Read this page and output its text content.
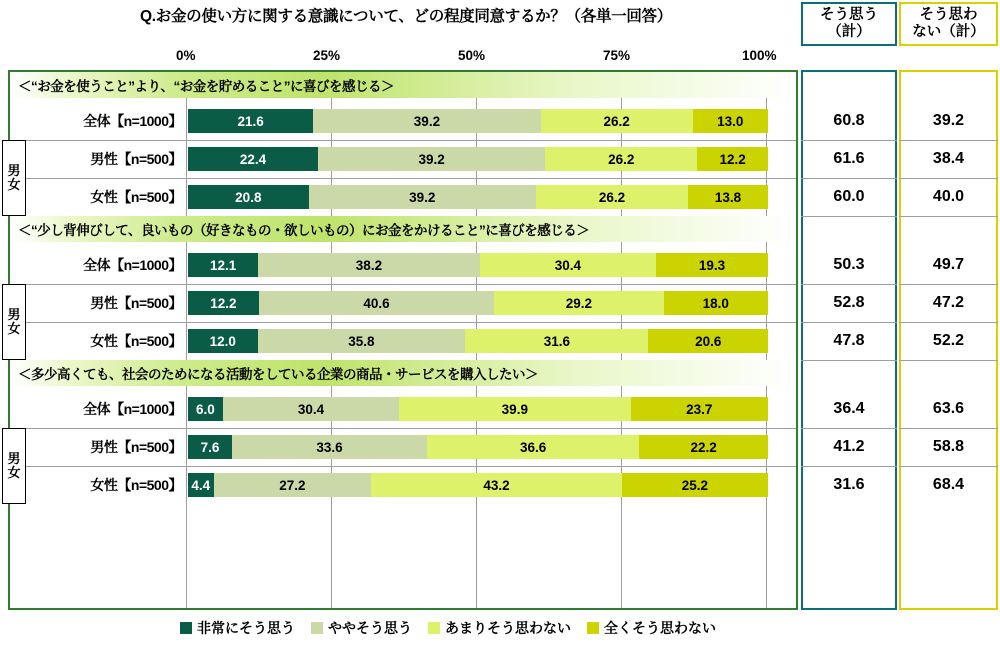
Q.お金の使い方に関する意識について、どの程度同意するか？（各単一回答）	そう思う
（計）
そう思わ
ない（計）
0%	25%	50%	75%	100%
＜“お金を使うこと”より、“お金を貯めること”に喜びを感じる＞
全体【n=1000】	21.6	39.2	26.2	13.0	60.8	39.2
男性【n=500】	22.4	39.2	26.2	12.2	61.6	38.4
女性【n=500】	20.8	39.2	26.2	13.8	60.0	40.0
男
女
＜“少し背伸びして、良いもの（好きなもの・欲しいもの）にお金をかけること”に喜びを感じる＞
全体【n=1000】	12.1	38.2	30.4	19.3	50.3	49.7
男性【n=500】	12.2	40.6	29.2	18.0	52.8	47.2
女性【n=500】	12.0	35.8	31.6	20.6	47.8	52.2
男
女
＜多少高くても、社会のためになる活動をしている企業の商品・サービスを購入したい＞
全体【n=1000】	6.0	30.4	39.9	23.7	36.4	63.6
男性【n=500】	7.6	33.6	36.6	22.2	41.2	58.8
女性【n=500】 4.4	27.2	43.2	25.2	31.6	68.4
男
女
非常にそう思う ややそう思う あまりそう思わない 全くそう思わない
